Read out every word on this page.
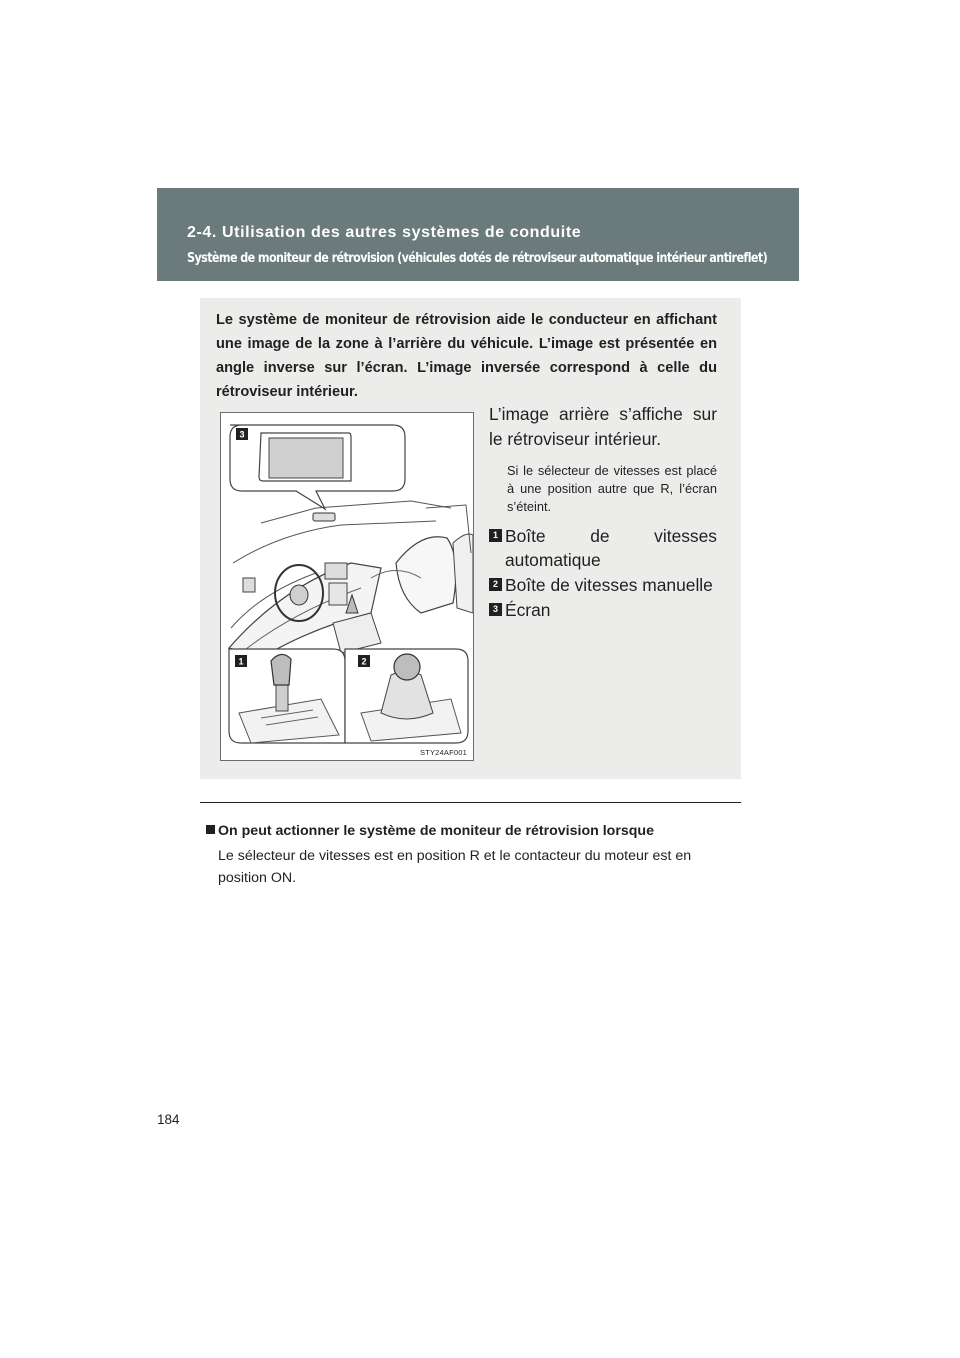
2-4. Utilisation des autres systèmes de conduite
Système de moniteur de rétrovision (véhicules dotés de rétroviseur automatique intérieur antireflet)

Le système de moniteur de rétrovision aide le conducteur en affichant une image de la zone à l’arrière du véhicule. L’image est présentée en angle inverse sur l’écran. L’image inversée correspond à celle du rétroviseur intérieur.

3
1	2
STY24AF001

L’image arrière s’affiche sur le rétroviseur intérieur.

Si le sélecteur de vitesses est placé à une position autre que R, l’écran s’éteint.

1 Boîte de vitesses
automatique
2 Boîte de vitesses manuelle
3 Écran

On peut actionner le système de moniteur de rétrovision lorsque

Le sélecteur de vitesses est en position R et le contacteur du moteur est en position ON.

184
